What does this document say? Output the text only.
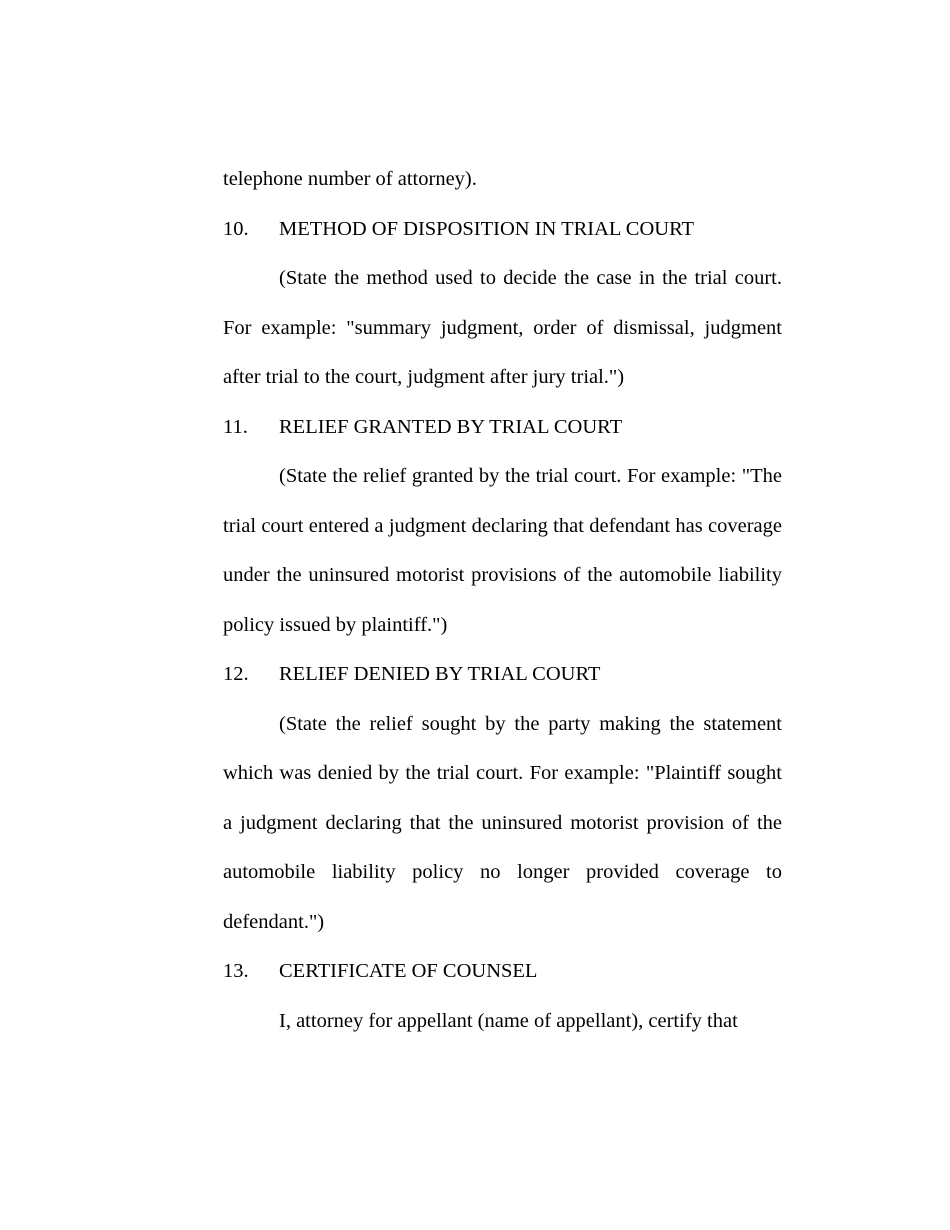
telephone number of attorney).

10. METHOD OF DISPOSITION IN TRIAL COURT

(State the method used to decide the case in the trial court. For example: "summary judgment, order of dismissal, judgment after trial to the court, judgment after jury trial.")

11. RELIEF GRANTED BY TRIAL COURT

(State the relief granted by the trial court. For example: "The trial court entered a judgment declaring that defendant has coverage under the uninsured motorist provisions of the automobile liability policy issued by plaintiff.")

12. RELIEF DENIED BY TRIAL COURT

(State the relief sought by the party making the statement which was denied by the trial court. For example: "Plaintiff sought a judgment declaring that the uninsured motorist provision of the automobile liability policy no longer provided coverage to defendant.")

13. CERTIFICATE OF COUNSEL

I, attorney for appellant (name of appellant), certify that
